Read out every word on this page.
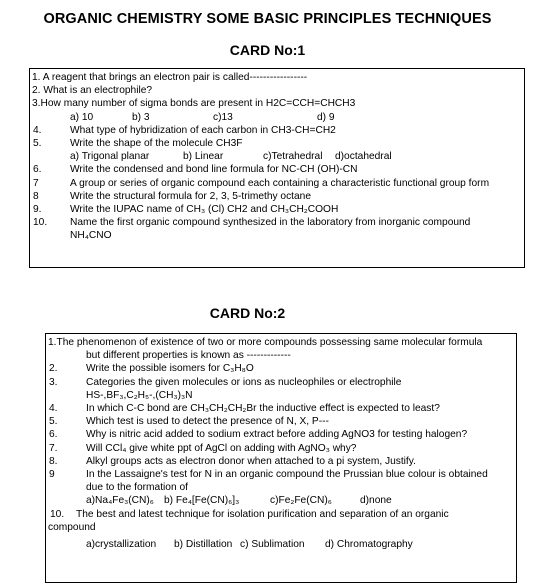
ORGANIC CHEMISTRY SOME BASIC PRINCIPLES TECHNIQUES
CARD No:1
1. A reagent that brings an electron pair is called-----------------
2. What is an electrophile?
3.How many number of sigma bonds are present in H2C=CCH=CHCH3
a) 10	b) 3	c)13	d) 9
4.	What type of hybridization of each carbon in CH3-CH=CH2
5.	Write the shape of the molecule CH3F
a) Trigonal planar	b) Linear	c)Tetrahedral d)octahedral
6.	Write the condensed and bond line formula for NC-CH (OH)-CN
7	A group or series of organic compound each containing a characteristic functional group form
8	Write the structural formula for 2, 3, 5-trimethy octane
9.	Write the IUPAC name of CH₃ (Cl) CH2 and CH₃CH₂COOH
10. Name the first organic compound synthesized in the laboratory from inorganic compound
NH₄CNO
CARD No:2
1.The phenomenon of existence of two or more compounds possessing same molecular formula
but different properties is known as -------------
2.	Write the possible isomers for C₃H₈O
3.	Categories the given molecules or ions as nucleophiles or electrophile
HS-,BF₃,C₂H₅-,(CH₃)₃N
4.	In which C-C bond are CH₃CH₂CH₂Br the inductive effect is expected to least?
5.	Which test is used to detect the presence of N, X, P---
6.	Why is nitric acid added to sodium extract before adding AgNO3 for testing halogen?
7.	Will CCl₄ give white ppt of AgCl on adding with AgNO₃ why?
8.	Alkyl groups acts as electron donor when attached to a pi system, Justify.
9	In the Lassaigne's test for N in an organic compound the Prussian blue colour is obtained
due to the formation of
a)Na₄Fe₃(CN)₆ b) Fe₄[Fe(CN)₆]₃	c)Fe₂Fe(CN)₆	d)none
10. The best and latest technique for isolation purification and separation of an organic
compound
a)crystallization b) Distillation c) Sublimation d) Chromatography
